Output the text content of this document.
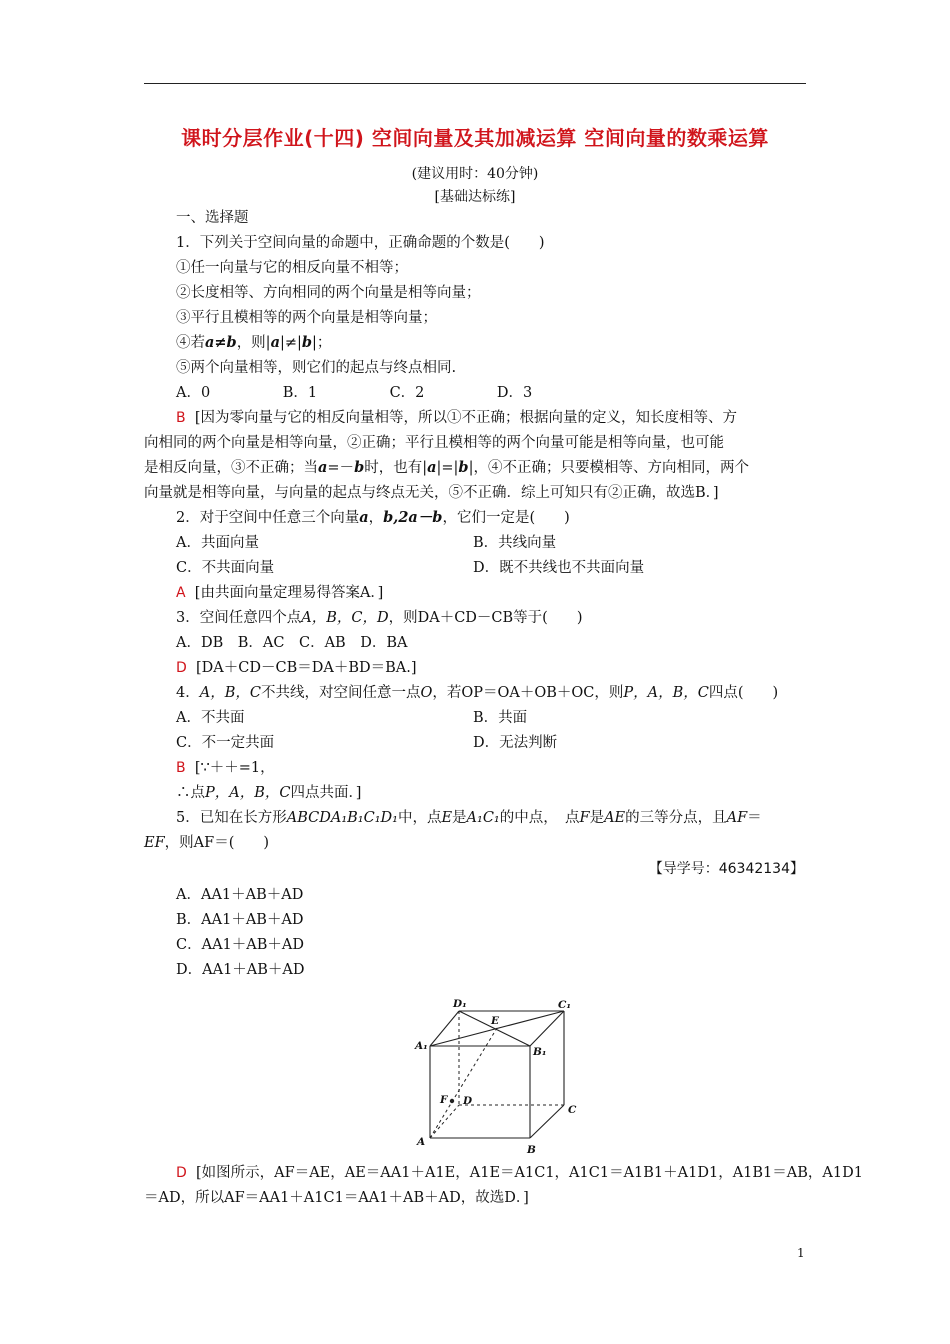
课时分层作业(十四) 空间向量及其加减运算 空间向量的数乘运算
(建议用时：40分钟)
[基础达标练]
一、选择题
1．下列关于空间向量的命题中，正确命题的个数是(　　)
①任一向量与它的相反向量不相等；
②长度相等、方向相同的两个向量是相等向量；
③平行且模相等的两个向量是相等向量；
④若a≠b，则|a|≠|b|；
⑤两个向量相等，则它们的起点与终点相同.
A．0　　　　　B．1　　　　　C．2　　　　　D．3
B [因为零向量与它的相反向量相等，所以①不正确；根据向量的定义，知长度相等、方
向相同的两个向量是相等向量，②正确；平行且模相等的两个向量可能是相等向量，也可能
是相反向量，③不正确；当a=－b时，也有|a|=|b|，④不正确；只要模相等、方向相同，两个
向量就是相等向量，与向量的起点与终点无关，⑤不正确．综上可知只有②正确，故选B．]
2．对于空间中任意三个向量a，b,2a－b，它们一定是(　　)
A．共面向量	B．共线向量
C．不共面向量	D．既不共线也不共面向量
A [由共面向量定理易得答案A．]
3．空间任意四个点A，B，C，D，则DA＋CD－CB等于(　　)
A．DB　B．AC　C．AB　D．BA
D [DA＋CD－CB＝DA＋BD＝BA.]
4．A，B，C不共线，对空间任意一点O，若OP＝OA＋OB＋OC，则P，A，B，C四点(　　)
A．不共面	B．共面
C．不一定共面	D．无法判断
B [∵＋＋=1，
∴点P，A，B，C四点共面．]
5．已知在长方形ABCDA₁B₁C₁D₁中，点E是A₁C₁的中点，　点F是AE的三等分点，且AF＝
EF，则AF＝(　　)
【导学号：46342134】
A．AA1＋AB＋AD
B．AA1＋AB＋AD
C．AA1＋AB＋AD
D．AA1＋AB＋AD
D₁	C₁
A₁	B₁
E
F D
C
A
B
D [如图所示，AF＝AE，AE＝AA1＋A1E，A1E＝A1C1，A1C1＝A1B1＋A1D1，A1B1＝AB，A1D1
＝AD，所以AF＝AA1＋A1C1＝AA1＋AB＋AD，故选D．]
1
